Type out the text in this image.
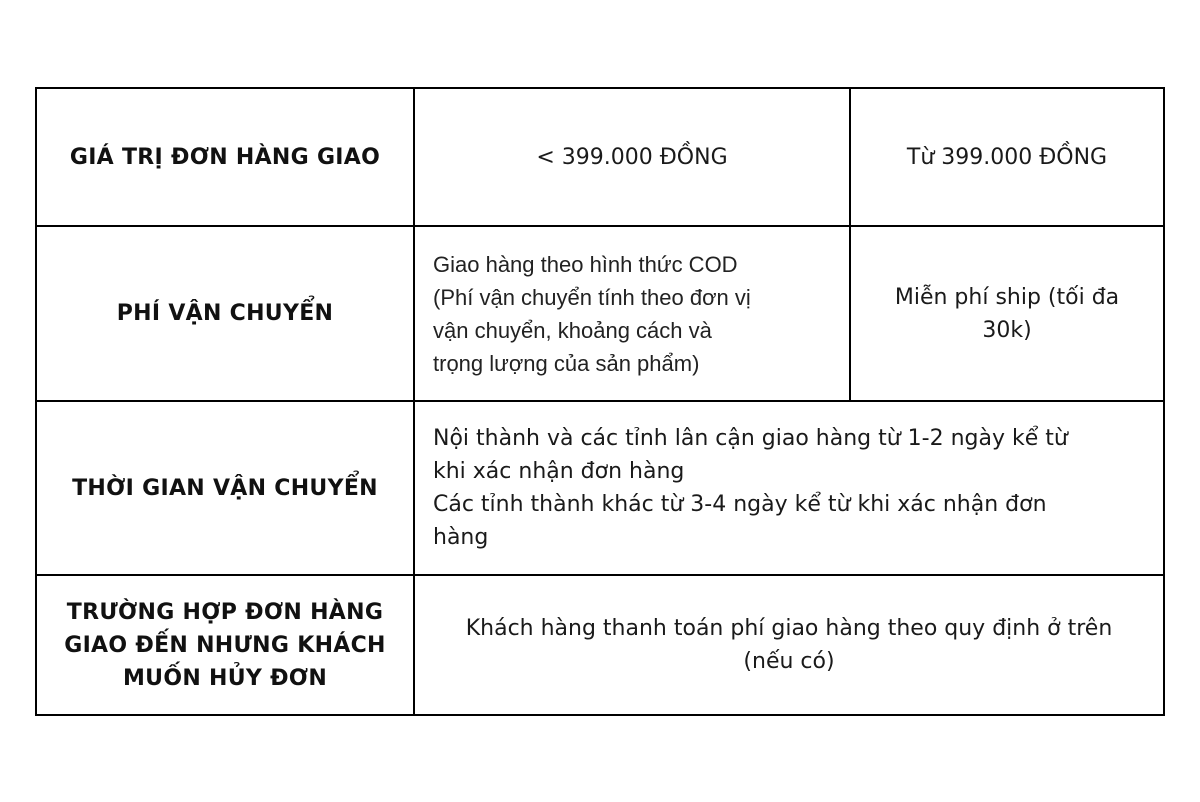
GIÁ TRỊ ĐƠN HÀNG GIAO	< 399.000 ĐỒNG	Từ 399.000 ĐỒNG
PHÍ VẬN CHUYỂN	Giao hàng theo hình thức COD
(Phí vận chuyển tính theo đơn vị
vận chuyển, khoảng cách và
trọng lượng của sản phẩm)	Miễn phí ship (tối đa 30k)
THỜI GIAN VẬN CHUYỂN	Nội thành và các tỉnh lân cận giao hàng từ 1-2 ngày kể từ
khi xác nhận đơn hàng
Các tỉnh thành khác từ 3-4 ngày kể từ khi xác nhận đơn
hàng	

TRƯỜNG HỢP ĐƠN HÀNG
GIAO ĐẾN NHƯNG KHÁCH
MUỐN HỦY ĐƠN	Khách hàng thanh toán phí giao hàng theo quy định ở trên
(nếu có)	
